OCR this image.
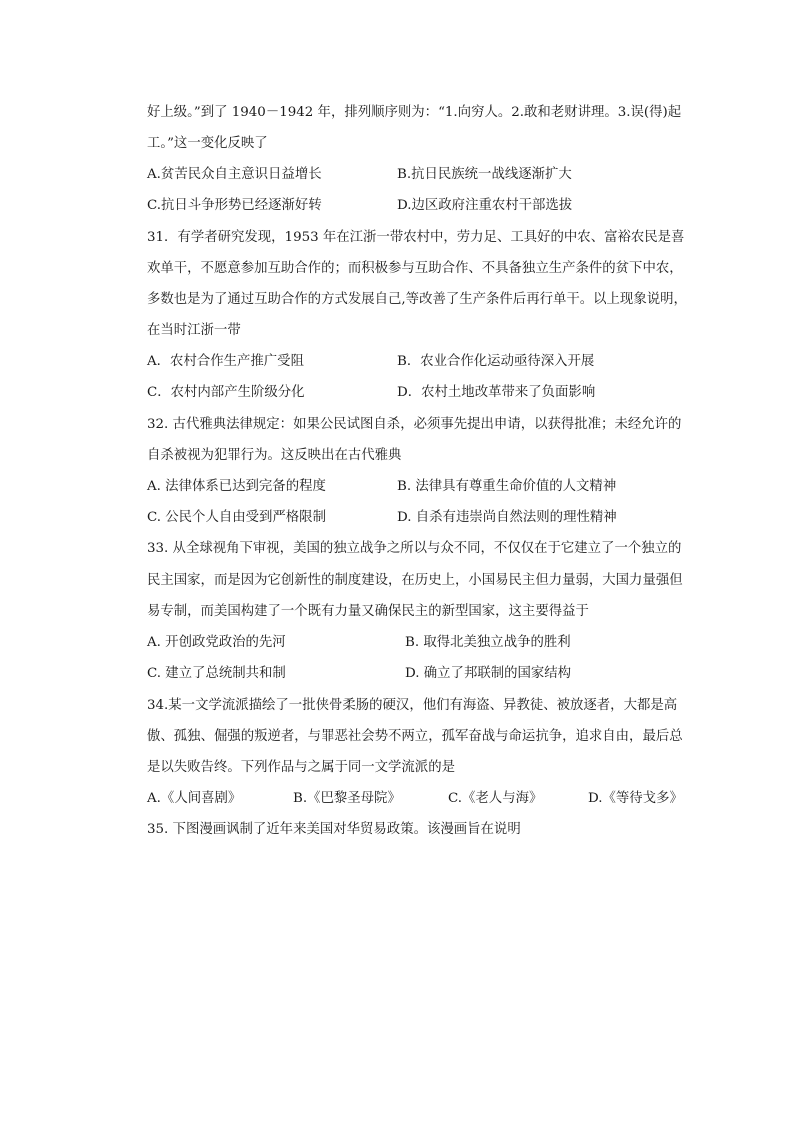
好上级。”到了 1940－1942 年，排列顺序则为：“1.向穷人。2.敢和老财讲理。3.误(得)起
工。”这一变化反映了
A.贫苦民众自主意识日益增长	B.抗日民族统一战线逐渐扩大
C.抗日斗争形势已经逐渐好转	D.边区政府注重农村干部选拔
31．有学者研究发现，1953 年在江浙一带农村中，劳力足、工具好的中农、富裕农民是喜
欢单干，不愿意参加互助合作的；而积极参与互助合作、不具备独立生产条件的贫下中农，
多数也是为了通过互助合作的方式发展自己,等改善了生产条件后再行单干。以上现象说明，
在当时江浙一带
A．农村合作生产推广受阻	B．农业合作化运动亟待深入开展
C．农村内部产生阶级分化	D．农村土地改革带来了负面影响
32. 古代雅典法律规定：如果公民试图自杀，必须事先提出申请，以获得批准；未经允许的
自杀被视为犯罪行为。这反映出在古代雅典
A. 法律体系已达到完备的程度	B. 法律具有尊重生命价值的人文精神
C. 公民个人自由受到严格限制	D. 自杀有违崇尚自然法则的理性精神
33. 从全球视角下审视，美国的独立战争之所以与众不同，不仅仅在于它建立了一个独立的
民主国家，而是因为它创新性的制度建设，在历史上，小国易民主但力量弱，大国力量强但
易专制，而美国构建了一个既有力量又确保民主的新型国家，这主要得益于
A. 开创政党政治的先河	B. 取得北美独立战争的胜利
C. 建立了总统制共和制	D. 确立了邦联制的国家结构
34.某一文学流派描绘了一批侠骨柔肠的硬汉，他们有海盗、异教徒、被放逐者，大都是高
傲、孤独、倔强的叛逆者，与罪恶社会势不两立，孤军奋战与命运抗争，追求自由，最后总
是以失败告终。下列作品与之属于同一文学流派的是
A.《人间喜剧》	B.《巴黎圣母院》	C.《老人与海》	D.《等待戈多》
35. 下图漫画讽制了近年来美国对华贸易政策。该漫画旨在说明
